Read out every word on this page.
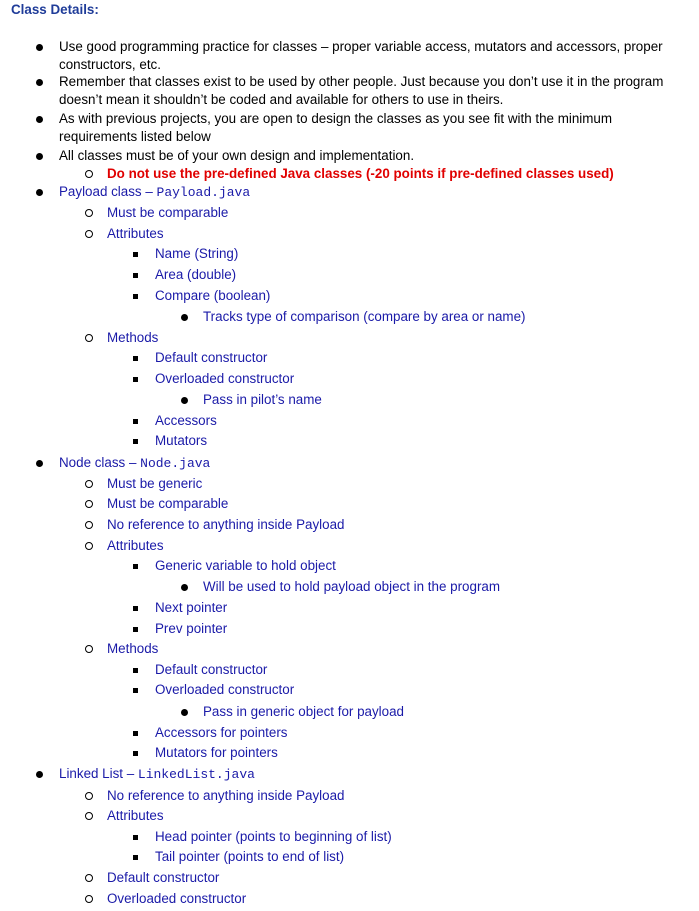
Class Details:
Use good programming practice for classes – proper variable access, mutators and accessors, proper constructors, etc.
Remember that classes exist to be used by other people. Just because you don’t use it in the program doesn’t mean it shouldn’t be coded and available for others to use in theirs.
As with previous projects, you are open to design the classes as you see fit with the minimum requirements listed below
All classes must be of your own design and implementation.
Do not use the pre-defined Java classes (-20 points if pre-defined classes used)
Payload class – Payload.java
Must be comparable
Attributes
Name (String)
Area (double)
Compare (boolean)
Tracks type of comparison (compare by area or name)
Methods
Default constructor
Overloaded constructor
Pass in pilot’s name
Accessors
Mutators
Node class – Node.java
Must be generic
Must be comparable
No reference to anything inside Payload
Attributes
Generic variable to hold object
Will be used to hold payload object in the program
Next pointer
Prev pointer
Methods
Default constructor
Overloaded constructor
Pass in generic object for payload
Accessors for pointers
Mutators for pointers
Linked List – LinkedList.java
No reference to anything inside Payload
Attributes
Head pointer (points to beginning of list)
Tail pointer (points to end of list)
Default constructor
Overloaded constructor
